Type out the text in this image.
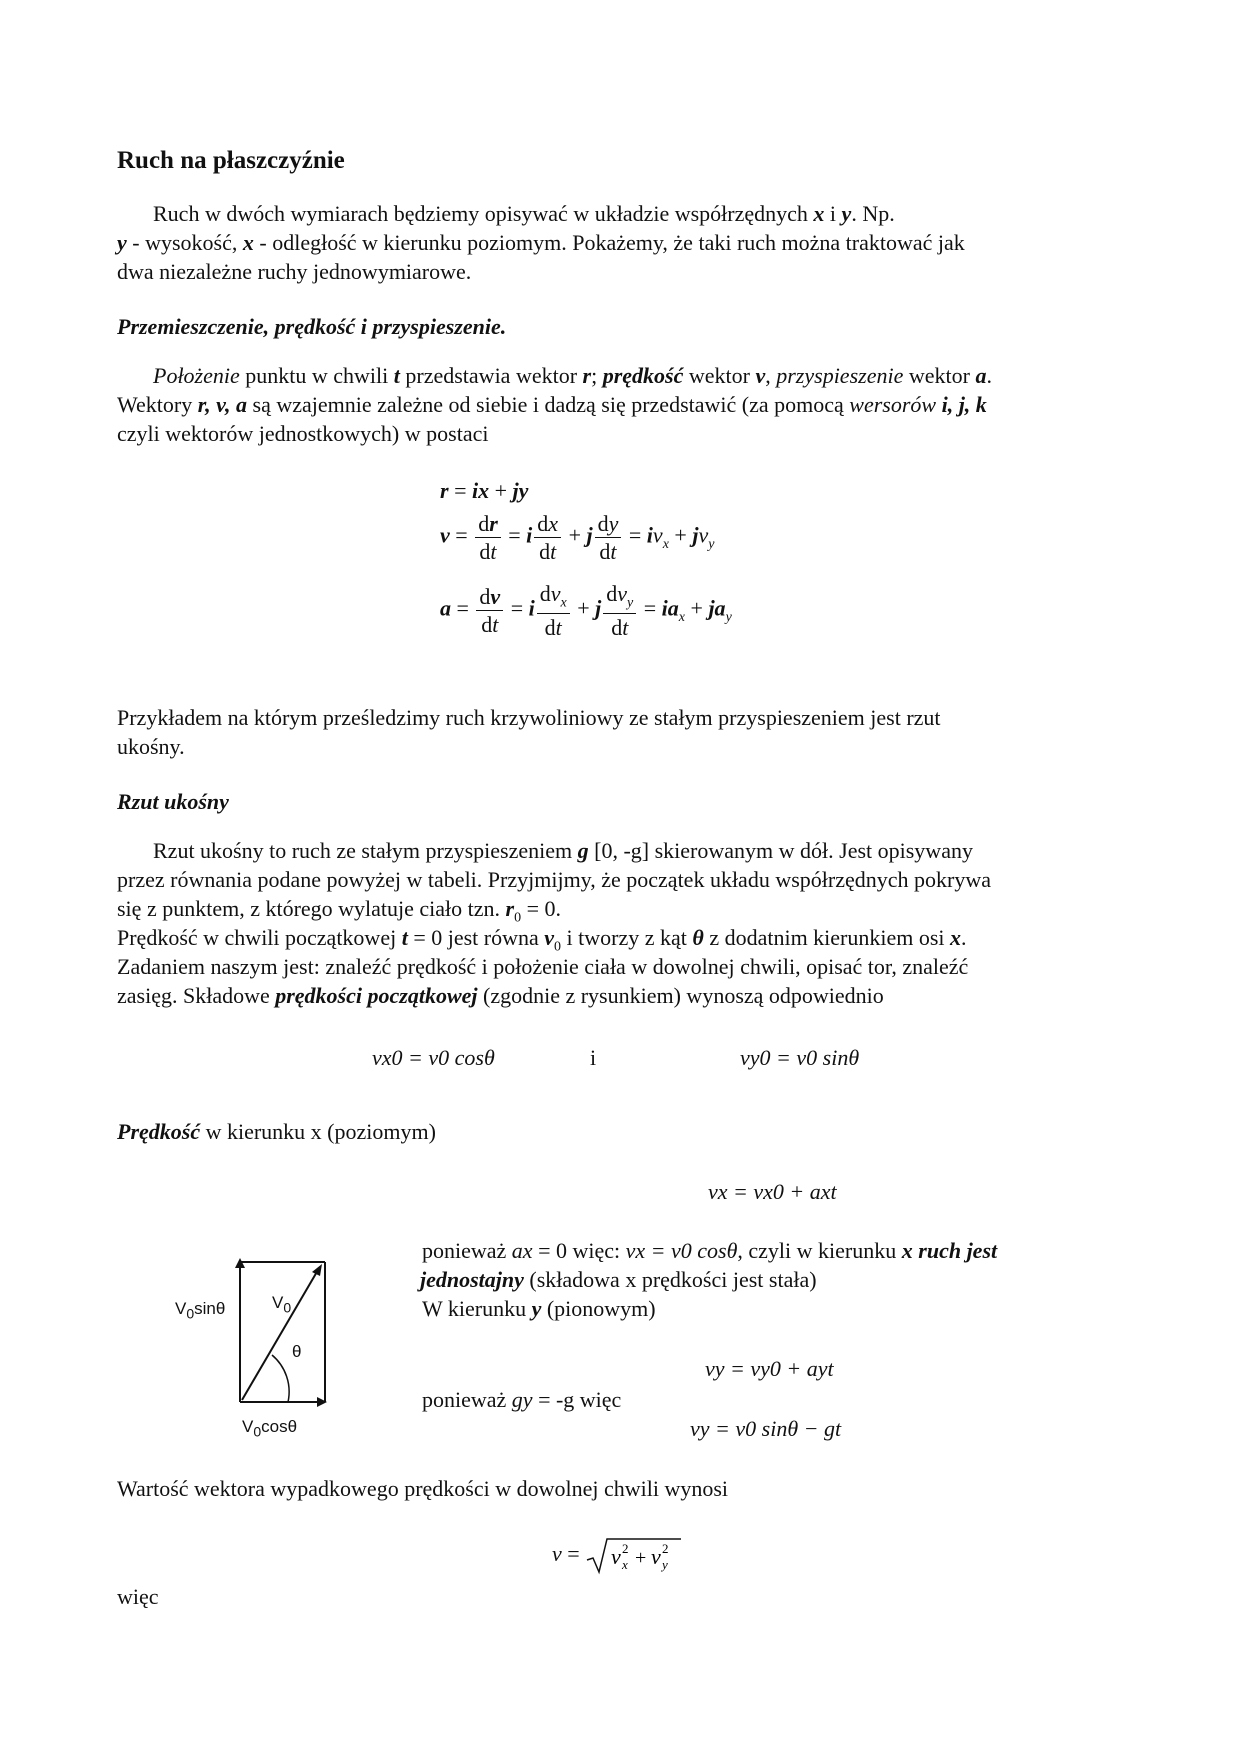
Ruch na płaszczyźnie
Ruch w dwóch wymiarach będziemy opisywać w układzie współrzędnych x i y. Np.
y - wysokość, x - odległość w kierunku poziomym. Pokażemy, że taki ruch można traktować jak
dwa niezależne ruchy jednowymiarowe.
Przemieszczenie, prędkość i przyspieszenie.
Położenie punktu w chwili t przedstawia wektor r; prędkość wektor v, przyspieszenie wektor a.
Wektory r, v, a są wzajemnie zależne od siebie i dadzą się przedstawić (za pomocą wersorów i, j, k
czyli wektorów jednostkowych) w postaci
r = ix + jy
$v = \frac{dr}{dt} = i \frac{dx}{dt} + j \frac{dy}{dt} = iv_x + jv_y$
$a = \frac{dv}{dt} = i \frac{dv_x}{dt} + j \frac{dv_y}{dt} = ia_x + ja_y$
Przykładem na którym prześledzimy ruch krzywoliniowy ze stałym przyspieszeniem jest rzut
ukośny.
Rzut ukośny
Rzut ukośny to ruch ze stałym przyspieszeniem g [0, -g] skierowanym w dół. Jest opisywany
przez równania podane powyżej w tabeli. Przyjmijmy, że początek układu współrzędnych pokrywa
się z punktem, z którego wylatuje ciało tzn. $r_0 = 0$.
Prędkość w chwili początkowej t = 0 jest równa $v_0$ i tworzy z kąt θ z dodatnim kierunkiem osi x.
Zadaniem naszym jest: znaleźć prędkość i położenie ciała w dowolnej chwili, opisać tor, znaleźć
zasięg. Składowe prędkości początkowej (zgodnie z rysunkiem) wynoszą odpowiednio
vx0 = v0 cosθ	i	vy0 = v0 sinθ
Prędkość w kierunku x (poziomym)
vx = vx0 + axt
$V_0$
θ
$V_0\sin\theta$
$V_0\cos\theta$
ponieważ ax = 0 więc: vx = v0 cosθ, czyli w kierunku x ruch jest
jednostajny (składowa x prędkości jest stała)
W kierunku y (pionowym)
vy = vy0 + ayt
ponieważ gy = -g więc
vy = v0 sinθ − gt
Wartość wektora wypadkowego prędkości w dowolnej chwili wynosi
v = v 2
x + v 2
y
więc
